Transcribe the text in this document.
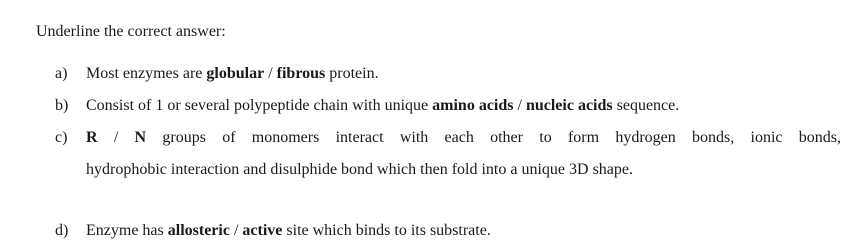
Underline the correct answer:
a) Most enzymes are globular / fibrous protein.
b) Consist of 1 or several polypeptide chain with unique amino acids / nucleic acids sequence.
c) R / N groups of monomers interact with each other to form hydrogen bonds, ionic bonds,
hydrophobic interaction and disulphide bond which then fold into a unique 3D shape.
d) Enzyme has allosteric / active site which binds to its substrate.
